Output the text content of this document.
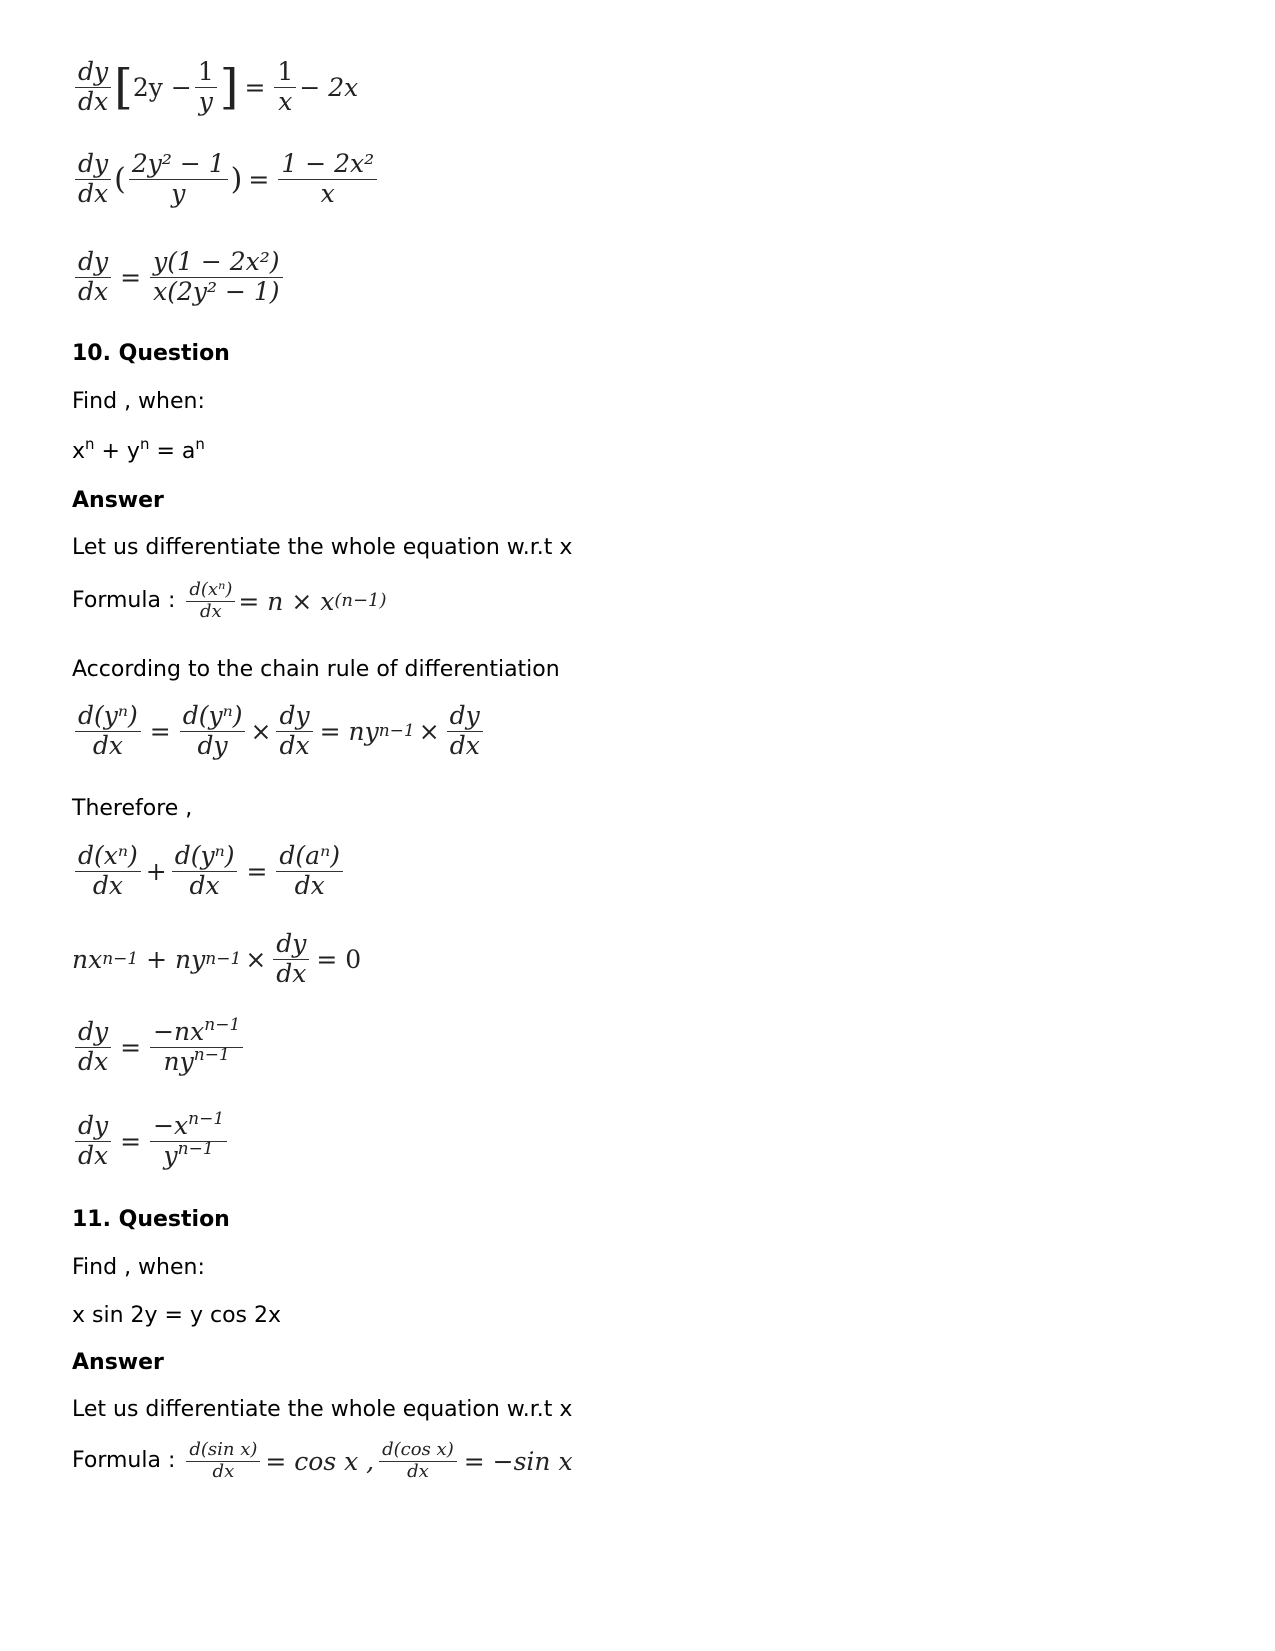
dy
dx [ $2y - \frac{1}{y}$ ] = $\frac{1}{x} - 2x$
dy
dx ( 2y² − 1
y ) = $\frac{\text{1 − 2x²}}{x}$
$\frac{dy}{dx} = \frac{\text{y(1 − 2x²)}}{\text{x(2y² − 1)}}$
10. Question
Find , when:
$x^n + y^n = a^n$
Answer
Let us differentiate the whole equation w.r.t x
Formula : $\frac{\text{d(xⁿ)}}{dx} = n \times x$ (n−1)
According to the chain rule of differentiation
$\frac{\text{d(yⁿ)}}{dx} = \frac{\text{d(yⁿ)}}{dy} \times \frac{dy}{dx}$ = ny $n-1 \times \frac{dy}{dx}$
Therefore ,
d(xⁿ)
dx + $\frac{\text{d(yⁿ)}}{dx} = \frac{\text{d(aⁿ)}}{dx}$
nx n−1 + ny $n-1 \times \frac{dy}{dx} = 0$
$\frac{dy}{dx}$ =
$-nx^{n-1}$
$ny^{n-1}$
$\frac{dy}{dx} = \frac{-x^{n-1}}{y^{n-1}}$
11. Question
Find , when:
x sin 2y = y cos 2x
Answer
Let us differentiate the whole equation w.r.t x
Formula : $\frac{\text{d(sin x)}}{dx} = \cos x$ , $\frac{\text{d(cos x)}}{dx} = -\sin$ x
